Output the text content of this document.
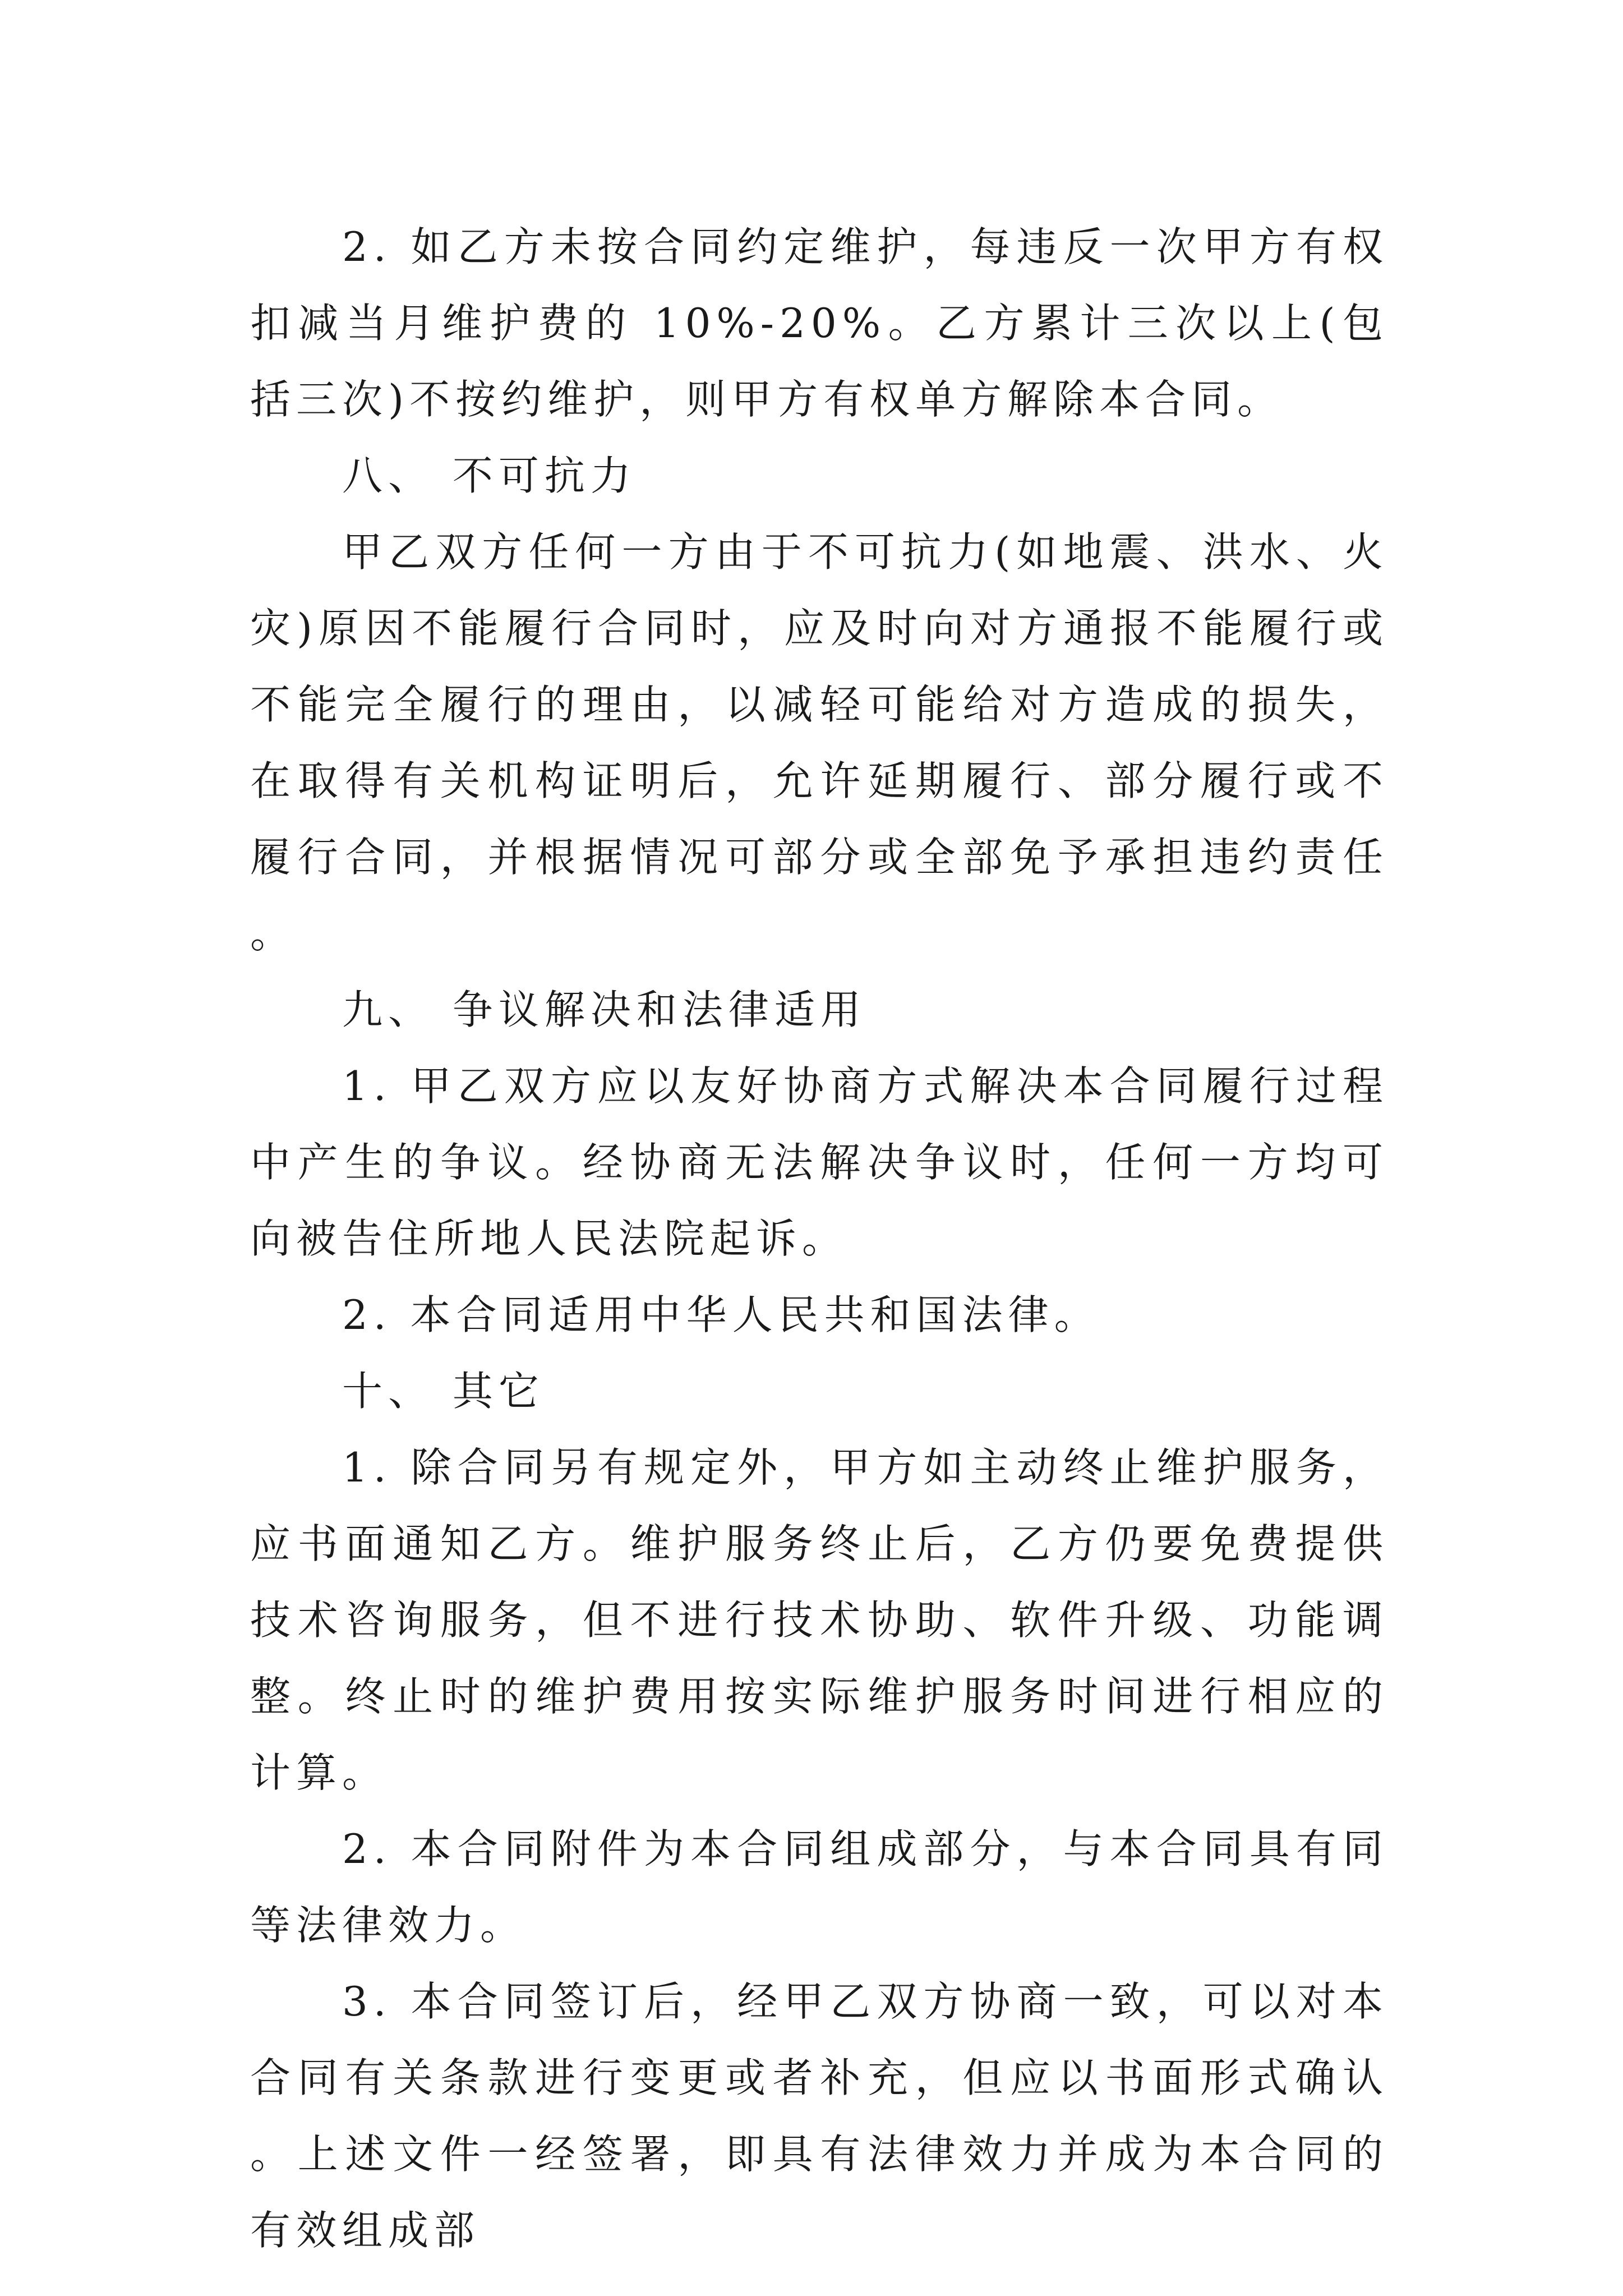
2. 如乙方未按合同约定维护，每违反一次甲方有权扣减当月维护费的 10%-20%。乙方累计三次以上(包括三次)不按约维护，则甲方有权单方解除本合同。

八、 不可抗力

甲乙双方任何一方由于不可抗力(如地震、洪水、火灾)原因不能履行合同时，应及时向对方通报不能履行或不能完全履行的理由，以减轻可能给对方造成的损失，在取得有关机构证明后，允许延期履行、部分履行或不履行合同，并根据情况可部分或全部免予承担违约责任。

九、 争议解决和法律适用

1. 甲乙双方应以友好协商方式解决本合同履行过程中产生的争议。经协商无法解决争议时，任何一方均可向被告住所地人民法院起诉。

2. 本合同适用中华人民共和国法律。

十、 其它

1. 除合同另有规定外，甲方如主动终止维护服务，应书面通知乙方。维护服务终止后，乙方仍要免费提供技术咨询服务，但不进行技术协助、软件升级、功能调整。终止时的维护费用按实际维护服务时间进行相应的计算。

2. 本合同附件为本合同组成部分，与本合同具有同等法律效力。

3. 本合同签订后，经甲乙双方协商一致，可以对本合同有关条款进行变更或者补充，但应以书面形式确认。上述文件一经签署，即具有法律效力并成为本合同的有效组成部
